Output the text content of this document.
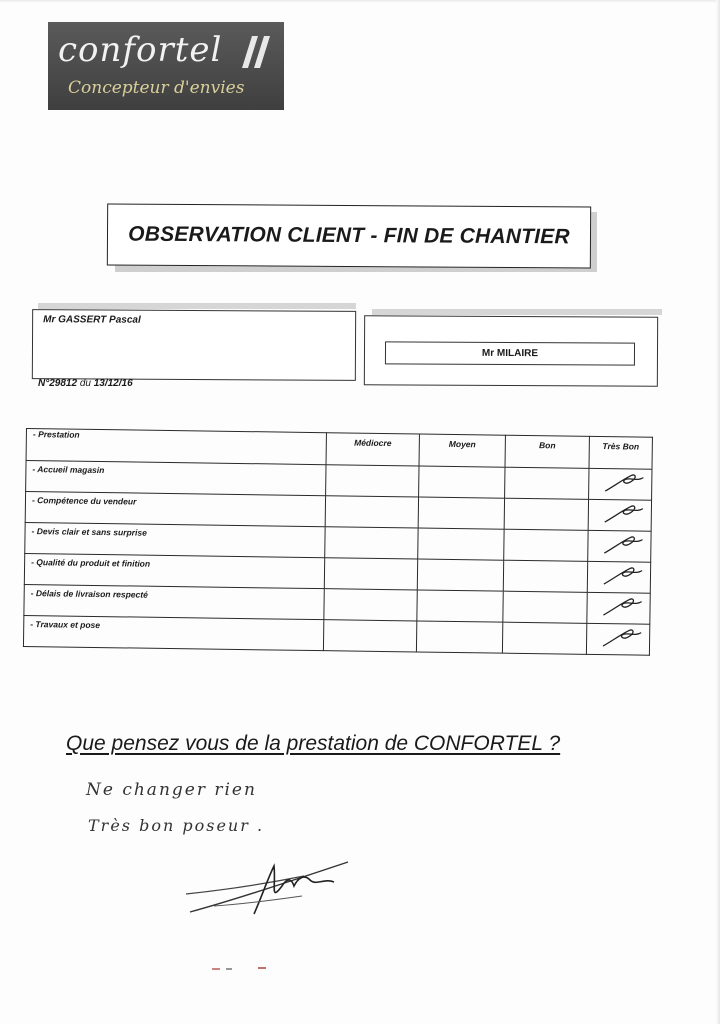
confortel
Concepteur d'envies
OBSERVATION CLIENT - FIN DE CHANTIER
Mr GASSERT Pascal
Mr MILAIRE
N°29812 du 13/12/16
- Prestation	Médiocre	Moyen	Bon	Très Bon
- Accueil magasin				

- Compétence du vendeur				

- Devis clair et sans surprise				

- Qualité du produit et finition				

- Délais de livraison respecté				

- Travaux et pose				
Que pensez vous de la prestation de CONFORTEL ?
Ne changer rien
Très bon poseur .
